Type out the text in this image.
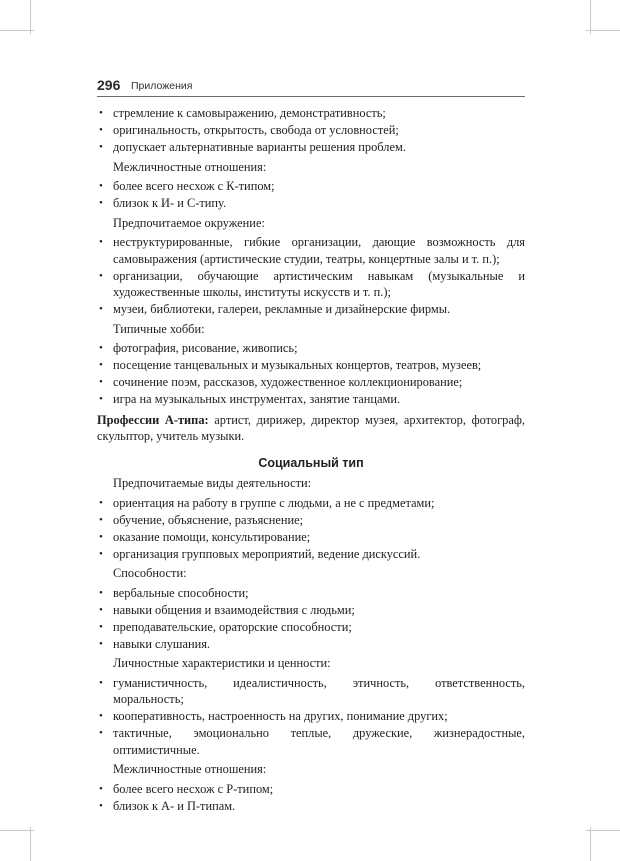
296 Приложения
• стремление к самовыражению, демонстративность;
• оригинальность, открытость, свобода от условностей;
• допускает альтернативные варианты решения проблем.
Межличностные отношения:
• более всего несхож с К-типом;
• близок к И- и С-типу.
Предпочитаемое окружение:
• неструктурированные, гибкие организации, дающие возможность для самовыражения (артистические студии, театры, концертные залы и т. п.);
• организации, обучающие артистическим навыкам (музыкальные и художественные школы, институты искусств и т. п.);
• музеи, библиотеки, галереи, рекламные и дизайнерские фирмы.
Типичные хобби:
• фотография, рисование, живопись;
• посещение танцевальных и музыкальных концертов, театров, музеев;
• сочинение поэм, рассказов, художественное коллекционирование;
• игра на музыкальных инструментах, занятие танцами.

Профессии А-типа: артист, дирижер, директор музея, архитектор, фотограф, скульптор, учитель музыки.

Социальный тип
Предпочитаемые виды деятельности:
• ориентация на работу в группе с людьми, а не с предметами;
• обучение, объяснение, разъяснение;
• оказание помощи, консультирование;
• организация групповых мероприятий, ведение дискуссий.
Способности:
• вербальные способности;
• навыки общения и взаимодействия с людьми;
• преподавательские, ораторские способности;
• навыки слушания.
Личностные характеристики и ценности:
• гуманистичность, идеалистичность, этичность, ответственность, моральность;
• кооперативность, настроенность на других, понимание других;
• тактичные, эмоционально теплые, дружеские, жизнерадостные, оптимистичные.
Межличностные отношения:
• более всего несхож с Р-типом;
• близок к А- и П-типам.
